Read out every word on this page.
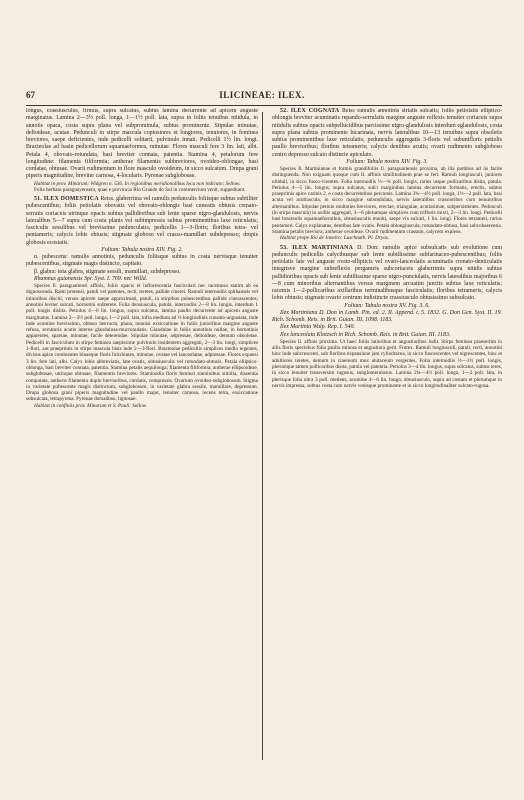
67	ILICINEAE: ILEX.

longus, crassiusculus, firmus, supra sulcatus, subtus lamina decurrente ad apicem anguste marginatus. Lamina 2—3½ poll. longa, 1—1½ poll. lata, supra in foliis tenuibus nitidula, in annotis opaca, costa supra plana vel subprominula, subtus prominente. Stipulae minutae, deltoideae, acutae. Pedunculi in stirpe mascula copiosiores et longiores, tenuiores, in feminea breviores, saepe deficientes, inde pedicelli solitarii, pulvinulo innati. Pedicelli 1½ lin. longi. Bracteolae ad basin pedicellorum squamaeformes, minutae. Flores masculi fere 3 lin. lati, albi. Petala 4, obovato-rotundata, basi breviter connata, patentia. Stamina 4, petalorum fere longitudine: filamenta filiformia; antherae filamentis subbreviores, ovoideo-oblongae, basi cordatae, obtusae. Ovarii rudimentum in flore masculo ovoideum, in sicco sulcatum. Drupa grani piperis magnitudine, breviter carnosa, 4-locularis. Pyrenae subglobosae.

Habitat in prov. Minarum; Widgren n. 536. In regionibus meridionalibus locu non indicato; Sellow.

Folia herbam paraguayensem, quae e provincia Rio Grande do Sul in commercium venit, suppeditant.

51. ILEX DOMESTICA Reiss. glaberrima vel ramulis pedunculis foliisque subtus subtiliter pubescentibus; foliis petiolatis obovatis vel obovato-oblongis basi cuneatis obtusis crenato-serratis coriaceis utrinque opacis subtus pallidioribus sub lente sparse nigro-glandulosis, nervis lateralibus 5—7 supra cum costa planis vel subimpressis subtus prominentibus laxe reticulatis; fasciculis sessilibus vel brevissime pedunculatis; pedicellis 1—3-floris; floribus tetra- vel pentameris; calycis lobis obtusis; stigmate globoso vel crasso-mamillari subdepresso; drupis globosis ecostatis.

Folium: Tabula nostra XIV. Fig. 2.

α. pubescens: ramulis annotinis, pedunculis foliisque subtus in costa nervisque tenuiter pubescentibus, stigmate magis distincto, capitato.

β. glabra: tota glabra, stigmate sessili, mamillari, subdepresso.

Rhamnus guianensis Spr. Syst. I. 769. nec Willd.

Species Il. paraguariensi affinis, foliis opacis et inflorescentia fasciculari nec racemosa statim ab ea dignoscenda. Rami protensi, patuli vel patentes, recti, teretes, pallide cinerei. Ramuli internodiis spithameis vel minoribus disciti, versus apicem saepe approximati, patuli, in stirpibus pubescentibus pallide cinerascentes; annotini leviter sulcati, hornotini subterete. Folia densiuscula, patula, internodiis 2—8 lin. longis, interdum 1 poll. longis disiita. Petiolus 4—6 lin. longus, supra sulcatus, lamina paullo decurrente ad apicem anguste marginatus. Lamina 2—3½ poll. longa, 1—2 poll. lata, infra medium ad ⅔ longitudinis cuneato-angustata, inde inde acumine brevissimo, obtuso instructa, plana, nonnisi exsiccatione in foliis junioribus margine anguste refusa, serraturis acutis interne glandulosa-mucronulatis. Glandulae in foliis annotinis nullae, in hornotinis apparentes, sparsae, minutae, facile deterendae. Stipulae minutae, adpressae, deltoideae, demum obsoletae. Pedicelli in fasciculum in stirpe feminea saepissime pulvinulo insidentem aggregati, 2—3 lin. longi, simplices 1-flori, aut praeprimis in stirpe mascula bisis inde 2—3-flori. Bracteolae pedicellis simplices medio tegentes, divisus apice continentes binaeque floris fulcrientes, minutae, ovatae vel lanceolatae, adpressae. Flores expansi 3 lin. fere lati, albi. Calyx lobis abbreviatis, late ovatis, obtusiusculis vel rotundato-obtusis. Petala elliptico-oblonga, basi breviter connata, patentia. Stamina petalis aequilonga; filamenta filiformia; antherae ellipsoideae, subglobosae, utrinque obtusae, filamentis breviores. Staminodia floris feminei staminibus similia, dissentia comparata, antheris filamento duplo brevioribus, cordatis, compressis. Ovarium ovoideo-subglobosum. Stigma in varietate pubescente magis distinctum, subglobosum, in varietate glabra sessile, mamillare, depressum. Drupa globosa grani piperis magnitudine vel paullo major, tenuiter carnosa, recens tetra, exsiccatione subsulcata, tetrapyrena. Pyrenae dorsalibus, lignosae.

Habitat in confiniis prov. Minarum et S. Pauli: Sellow.

52. ILEX COGNATA Reiss ramulis annotinis striatis sulcatis; foliis petiolatis elliptico-oblongis breviter acuminatis repando-serrulatis margine anguste reflexis tenuiter coriaceis supra nitidulis subtus opacis subpellucidibus parcissime nigro-glandulosis interdum eglandulosis, costa supra plana subtus prominente bicarinata, nervis lateralibus 10—13 tenuibus supra obsoletis subtus prominentibus laxe reticulatis; pedunculis aggregatis 3-floris vel subunifloris petiolis paullo brevioribus; floribus tetrameris; calycis dentibus acutis; ovarii rudimento subgloboso centro depresso sulcato distincte apiculato.

Folium: Tabula nostra XIV. Fig. 3.

Species Il. Martinianae et formis grandifoliis Il. paraguariensis proxima, ab illa partibus ad iis facile distinguenda. Non exiguam quoque cum Il. affinis similitudinem prae se fert. Ramuli longiusculi, juniores nitiduli, in sicco fusco-virentes. Folia internodiis ½—¾ poll. longis, raries usque pollicaribus disita, patula. Petiolus 4—5 lin. longus, supra sulcatus, sulci marginibus lamina decurrente formatis, erectis, subtus praeprimis apice carinis 2, e costa decurrentibus percursis. Lamina 3¾—4½ poll. longa, 1½—2 poll. lata, basi acuta vel acutiuscula, in sicco margine subundulata, nervis lateralibus crassioribus cum tenuioribus alternantibus. Stipulae petiolo multoties breviores, erectae, triangulae, acutissimae, subpersistentes. Pedunculi (in stirpe mascula) in axillis aggregati, 3—6 plerumque simplices cum trifloris mixti, 2—3 lin. longi. Pedicelli basi bracteolis squamaeformibus, obtusiusculis muniti, saepe vix sulcati, 1 lin. longi. Flores tetrameri, rarius pentameri. Calyx explanatus, dentibus late ovatis. Petala oblongiuscula, rotundato-obtusa, basi subcohaerentia. Stamina petalis breviora; antherae ovoideae. Ovarii rudimentum crassum, calycem explens.

Habitat prope Rio de Janeiro: Luschnath. Pl. Dryas.

53. ILEX MARTINIANA D. Don: ramulis apice subsulcatis sub evolutione cum pedunculis pedicellis calycibusque sub lente subtilissime subfarinaceo-pubescentibus; foliis petiolatis late vel anguste ovato-ellipticis vel ovato-lanceolatis acuminatis crenato-denticulatis integrisve margine subreflexis pergameis subcoriaceis glaberrimis supra nitidis subtus pallidioribus opacis sub lente subtilissime sparse nigro-punctulatis, nervis lateralibus majoribus 6—8 cum minoribus alternantibus versus marginem arcuatim junctis subtus laxe reticulatis; racemis 1—2-pollicaribus axillaribus terminalibusque fasciculatis; floribus tetrameris; calycis lobis obtusis; stigmate ovario centrum indistincte crassiusculo obtusissimo subsulcato.

Folium: Tabula nostra XV. Fig. 3. 6.

Ilex Martiniana D. Don in Lamb. Pin. ed. 2. II. Append. t. 5. 1832. G. Don Gen. Syst. II. 19. Rich. Schomb. Reis. in Brit. Guian. III. 1098. 1183.

Ilex Martinia Walp. Rep. I. 540.

Ilex lanceolata Klotzsch in Rich. Schomb. Reis. in Brit. Guian. III. 1183.

Species Il. affinis proxima. Ut haec foliis latioribus et angustioribus ludit. Stirps feminea praesertim in aliis floris speciebus folia paullo minora et angustiora gerit. Frutex. Ramuli longiusculi, patuli, recti, annotini hinc inde subcrescenti, sub floribus expansione jam cylindracea, in sicco fuscescentes vel nigrescentes, hinc et adultiores teretes, demum in cinereum mox alutaceum vergentes. Folia internodiis ½—1½ poll. longis, plerumque tamen pollicaribus disita, patula vel patentia. Petiolus 3—4 lin. longus, supra sulcatus, subtus teres, in sicco tenuiter transversim rugosus, subglomerulosus. Lamina 2¾—4½ poll. longa, 1—2 poll. lata, in plerisque folia ultra 3 poll. metiens, acumine 4—6 lin. longo, obtusiusculo, supra ad costam et plerumque in nervis impressa, subtus costa cum nervis venisque prominente et in sicco longitudinaliter sulcato-rugosa.

·
